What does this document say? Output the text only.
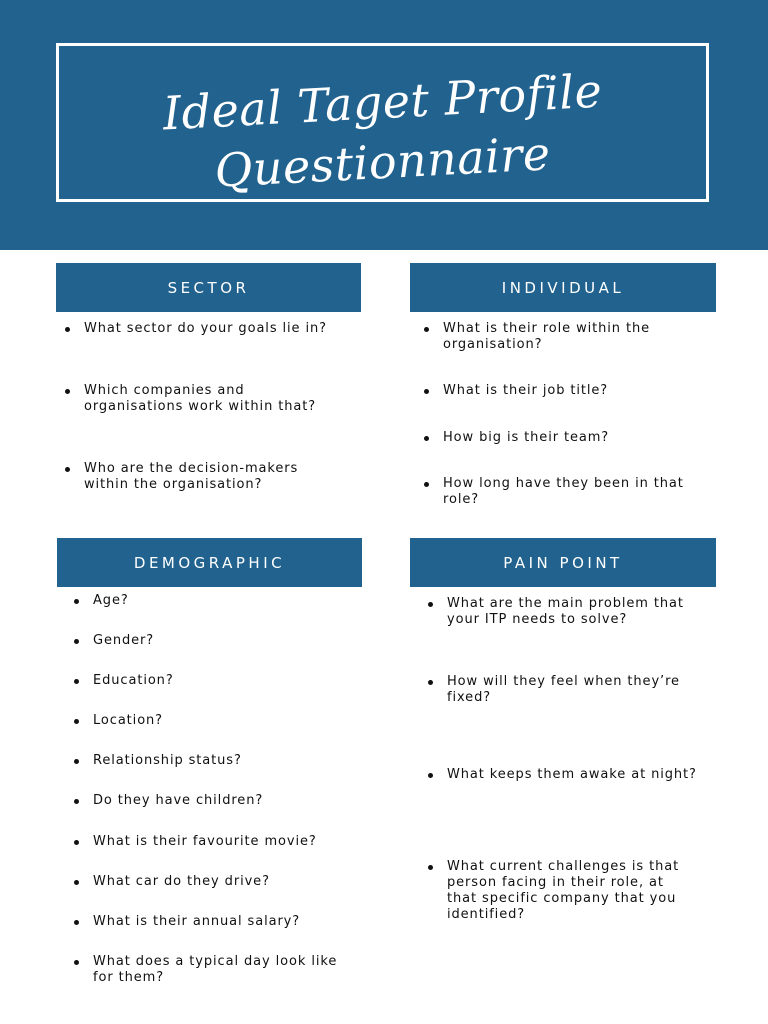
Ideal Taget Profile
Questionnaire
SECTOR
What sector do your goals lie in?
Which companies and organisations work within that?
Who are the decision-makers within the organisation?
INDIVIDUAL
What is their role within the organisation?
What is their job title?
How big is their team?
How long have they been in that role?
DEMOGRAPHIC
Age?
Gender?
Education?
Location?
Relationship status?
Do they have children?
What is their favourite movie?
What car do they drive?
What is their annual salary?
What does a typical day look like for them?
PAIN POINT
What are the main problem that your ITP needs to solve?
How will they feel when they’re fixed?
What keeps them awake at night?
What current challenges is that person facing in their role, at that specific company that you identified?
